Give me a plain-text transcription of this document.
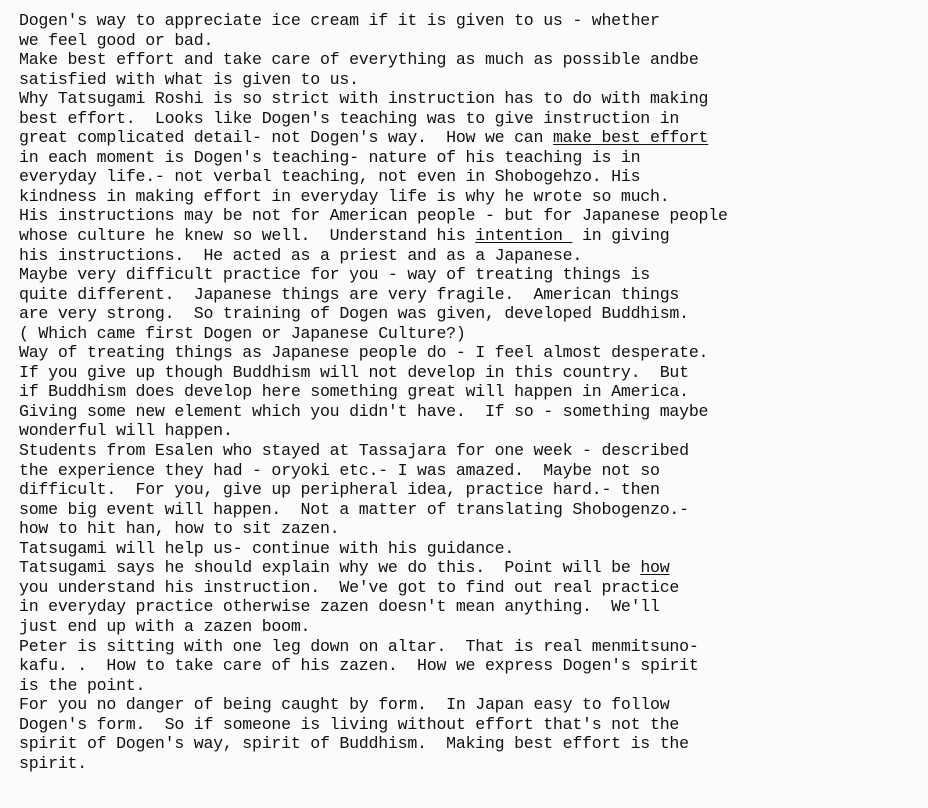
Dogen's way to appreciate ice cream if it is given to us - whether
we feel good or bad.
Make best effort and take care of everything as much as possible andbe
satisfied with what is given to us.
Why Tatsugami Roshi is so strict with instruction has to do with making
best effort.  Looks like Dogen's teaching was to give instruction in
great complicated detail- not Dogen's way.  How we can make best effort
in each moment is Dogen's teaching- nature of his teaching is in
everyday life.- not verbal teaching, not even in Shobogehzo. His
kindness in making effort in everyday life is why he wrote so much.
His instructions may be not for American people - but for Japanese people
whose culture he knew so well.  Understand his intention  in giving
his instructions.  He acted as a priest and as a Japanese.
Maybe very difficult practice for you - way of treating things is
quite different.  Japanese things are very fragile.  American things
are very strong.  So training of Dogen was given, developed Buddhism.
( Which came first Dogen or Japanese Culture?)
Way of treating things as Japanese people do - I feel almost desperate.
If you give up though Buddhism will not develop in this country.  But
if Buddhism does develop here something great will happen in America.
Giving some new element which you didn't have.  If so - something maybe
wonderful will happen.
Students from Esalen who stayed at Tassajara for one week - described
the experience they had - oryoki etc.- I was amazed.  Maybe not so
difficult.  For you, give up peripheral idea, practice hard.- then
some big event will happen.  Not a matter of translating Shobogenzo.-
how to hit han, how to sit zazen.
Tatsugami will help us- continue with his guidance.
Tatsugami says he should explain why we do this.  Point will be how
you understand his instruction.  We've got to find out real practice
in everyday practice otherwise zazen doesn't mean anything.  We'll
just end up with a zazen boom.
Peter is sitting with one leg down on altar.  That is real menmitsuno-
kafu. .  How to take care of his zazen.  How we express Dogen's spirit
is the point.
For you no danger of being caught by form.  In Japan easy to follow
Dogen's form.  So if someone is living without effort that's not the
spirit of Dogen's way, spirit of Buddhism.  Making best effort is the
spirit.
